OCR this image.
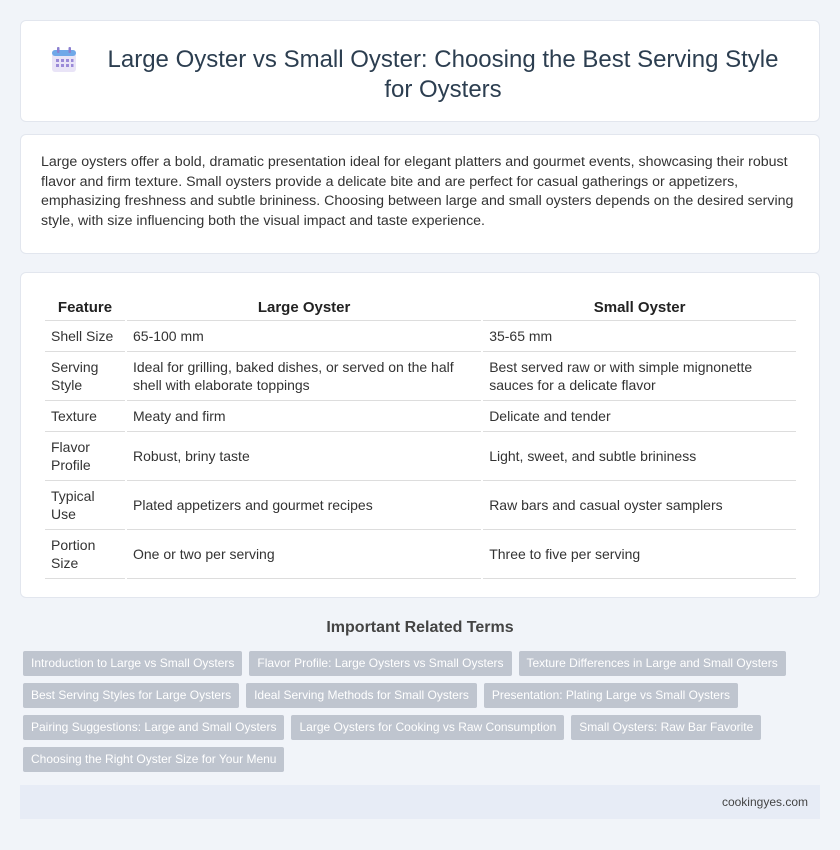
Large Oyster vs Small Oyster: Choosing the Best Serving Style for Oysters

Large oysters offer a bold, dramatic presentation ideal for elegant platters and gourmet events, showcasing their robust flavor and firm texture. Small oysters provide a delicate bite and are perfect for casual gatherings or appetizers, emphasizing freshness and subtle brininess. Choosing between large and small oysters depends on the desired serving style, with size influencing both the visual impact and taste experience.

Feature	Large Oyster	Small Oyster
Shell Size	65-100 mm	35-65 mm
Serving Style	Ideal for grilling, baked dishes, or served on the half shell with elaborate toppings	Best served raw or with simple mignonette sauces for a delicate flavor
Texture	Meaty and firm	Delicate and tender
Flavor Profile	Robust, briny taste	Light, sweet, and subtle brininess
Typical Use	Plated appetizers and gourmet recipes	Raw bars and casual oyster samplers
Portion Size	One or two per serving	Three to five per serving
Important Related Terms
Introduction to Large vs Small Oysters	Flavor Profile: Large Oysters vs Small Oysters	Texture Differences in Large and Small Oysters
Best Serving Styles for Large Oysters	Ideal Serving Methods for Small Oysters	Presentation: Plating Large vs Small Oysters
Pairing Suggestions: Large and Small Oysters	Large Oysters for Cooking vs Raw Consumption	Small Oysters: Raw Bar Favorite
Choosing the Right Oyster Size for Your Menu
cookingyes.com
